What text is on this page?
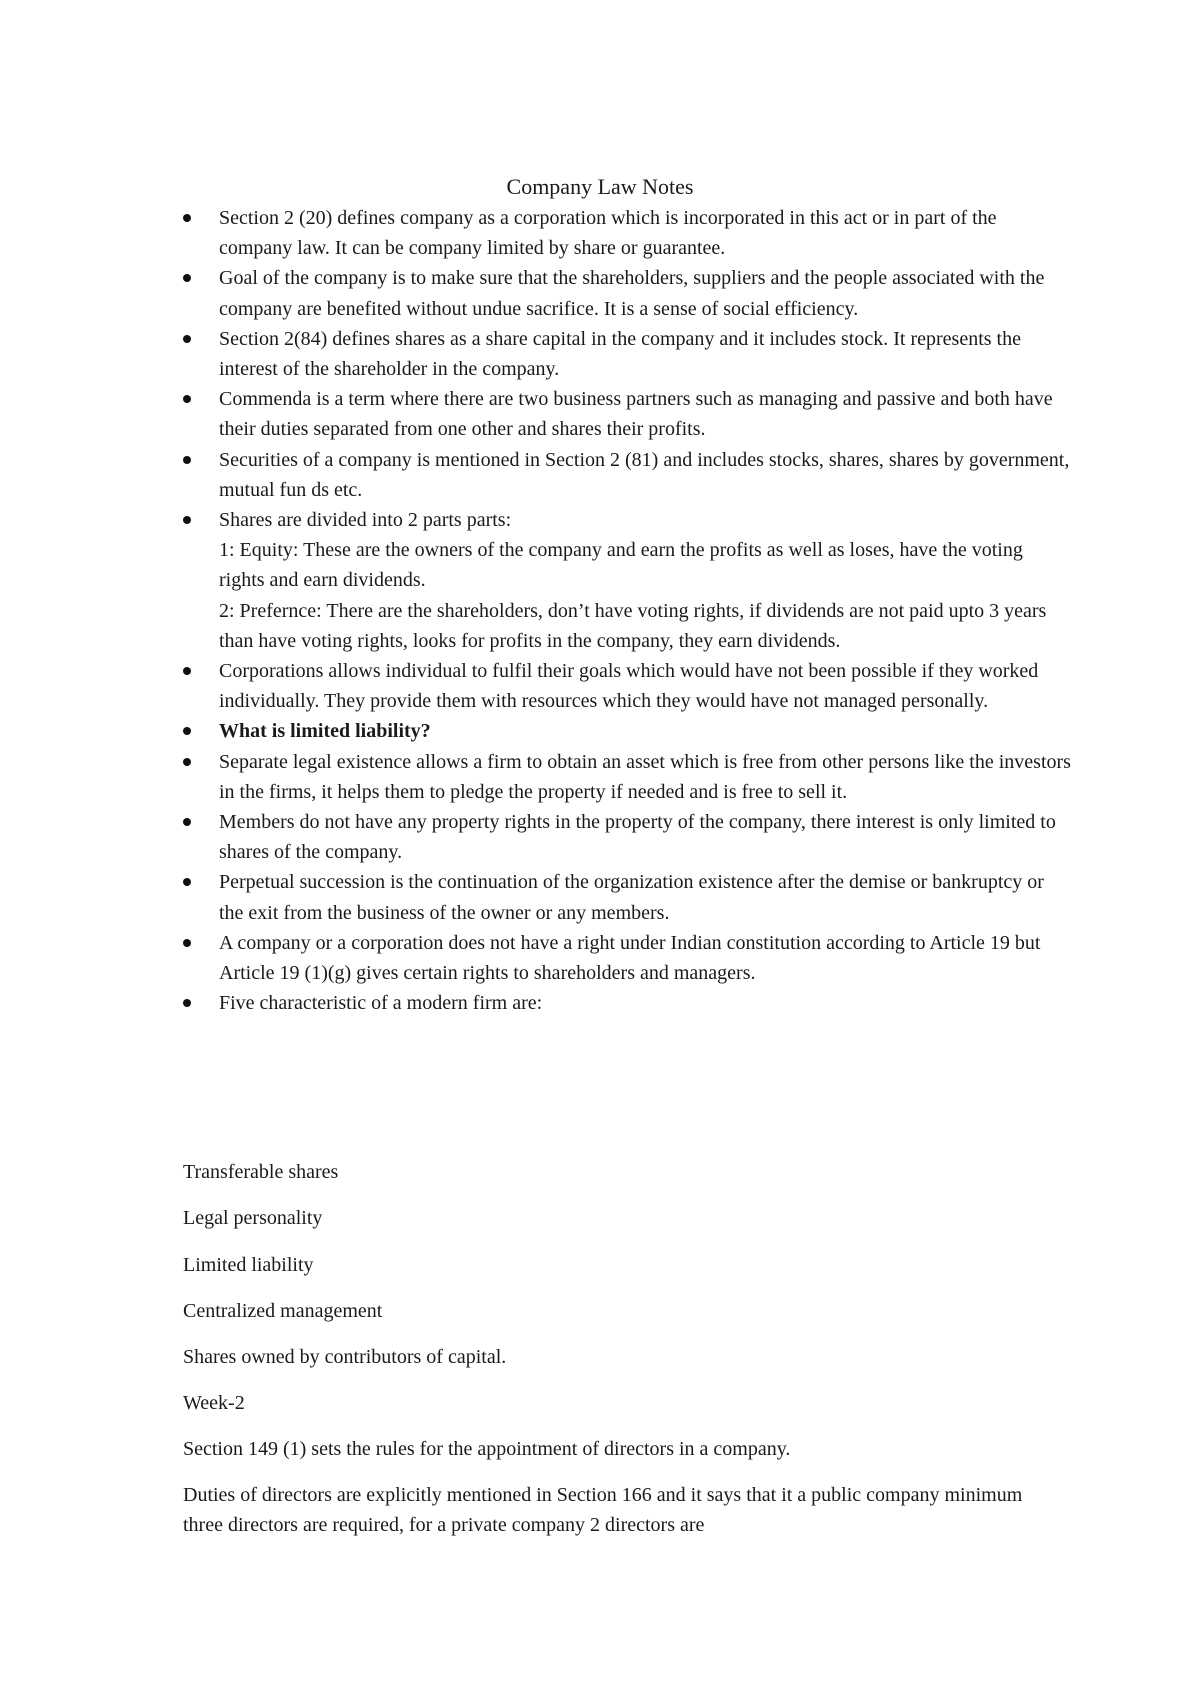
Company Law Notes
Section 2 (20) defines company as a corporation which is incorporated in this act or in part of the company law. It can be company limited by share or guarantee.
Goal of the company is to make sure that the shareholders, suppliers and the people associated with the company are benefited without undue sacrifice. It is a sense of social efficiency.
Section 2(84) defines shares as a share capital in the company and it includes stock. It represents the interest of the shareholder in the company.
Commenda is a term where there are two business partners such as managing and passive and both have their duties separated from one other and shares their profits.
Securities of a company is mentioned in Section 2 (81) and includes stocks, shares, shares by government, mutual fun ds etc.
Shares are divided into 2 parts parts:
1: Equity: These are the owners of the company and earn the profits as well as loses, have the voting rights and earn dividends.
2: Prefernce: There are the shareholders, don’t have voting rights, if dividends are not paid upto 3 years than have voting rights, looks for profits in the company, they earn dividends.
Corporations allows individual to fulfil their goals which would have not been possible if they worked individually. They provide them with resources which they would have not managed personally.
What is limited liability?
Separate legal existence allows a firm to obtain an asset which is free from other persons like the investors in the firms, it helps them to pledge the property if needed and is free to sell it.
Members do not have any property rights in the property of the company, there interest is only limited to shares of the company.
Perpetual succession is the continuation of the organization existence after the demise or bankruptcy or the exit from the business of the owner or any members.
A company or a corporation does not have a right under Indian constitution according to Article 19 but Article 19 (1)(g) gives certain rights to shareholders and managers.
Five characteristic of a modern firm are:

Transferable shares

Legal personality

Limited liability

Centralized management

Shares owned by contributors of capital.

Week-2

Section 149 (1) sets the rules for the appointment of directors in a company.

Duties of directors are explicitly mentioned in Section 166 and it says that it a public company minimum three directors are required, for a private company 2 directors are
